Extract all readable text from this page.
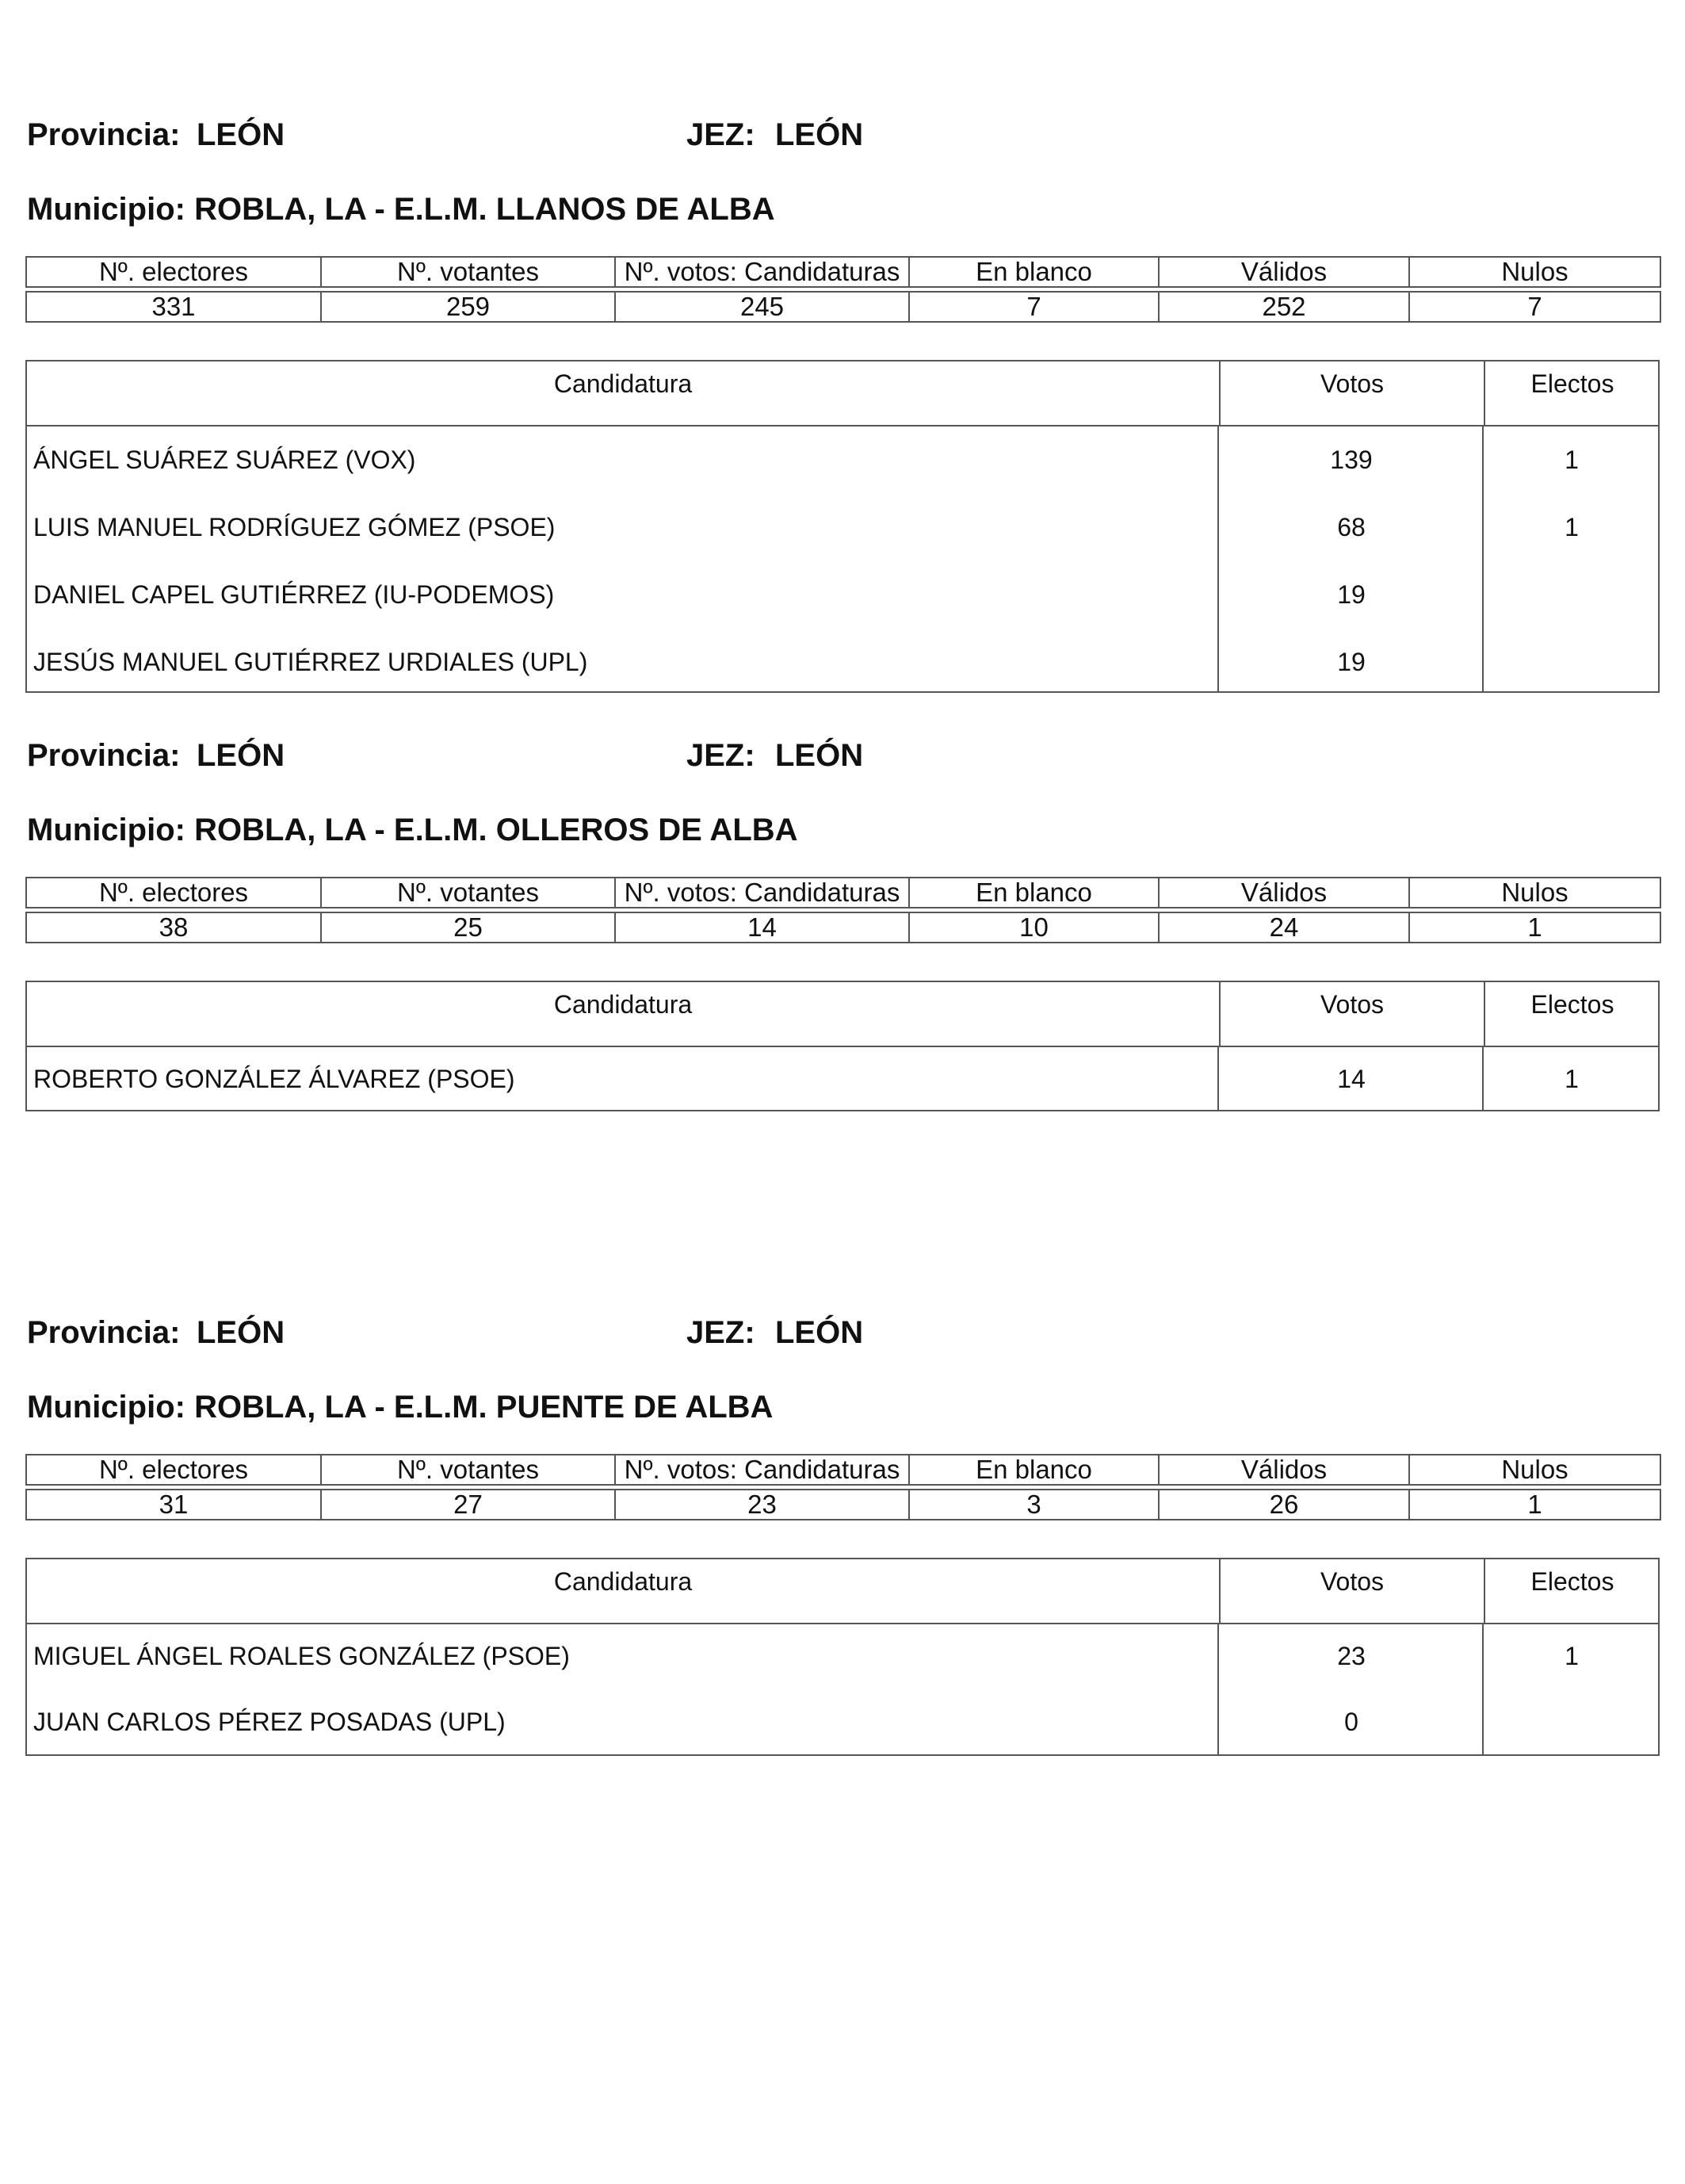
Provincia: LEÓN	JEZ: LEÓN
Municipio: ROBLA, LA - E.L.M. LLANOS DE ALBA
Nº. electores	Nº. votantes	Nº. votos: Candidaturas	En blanco	Válidos	Nulos

331	259	245	7	252	7
Candidatura	Votos	Electos
ÁNGEL SUÁREZ SUÁREZ (VOX)	139	1
LUIS MANUEL RODRÍGUEZ GÓMEZ (PSOE)	68	1
DANIEL CAPEL GUTIÉRREZ (IU-PODEMOS)	19
JESÚS MANUEL GUTIÉRREZ URDIALES (UPL)	19
Provincia: LEÓN	JEZ: LEÓN
Municipio: ROBLA, LA - E.L.M. OLLEROS DE ALBA
Nº. electores	Nº. votantes	Nº. votos: Candidaturas	En blanco	Válidos	Nulos

38	25	14	10	24	1
Candidatura	Votos	Electos
ROBERTO GONZÁLEZ ÁLVAREZ (PSOE)	14	1
Provincia: LEÓN	JEZ: LEÓN
Municipio: ROBLA, LA - E.L.M. PUENTE DE ALBA
Nº. electores	Nº. votantes	Nº. votos: Candidaturas	En blanco	Válidos	Nulos

31	27	23	3	26	1
Candidatura	Votos	Electos
MIGUEL ÁNGEL ROALES GONZÁLEZ (PSOE)	23	1
JUAN CARLOS PÉREZ POSADAS (UPL)	0
